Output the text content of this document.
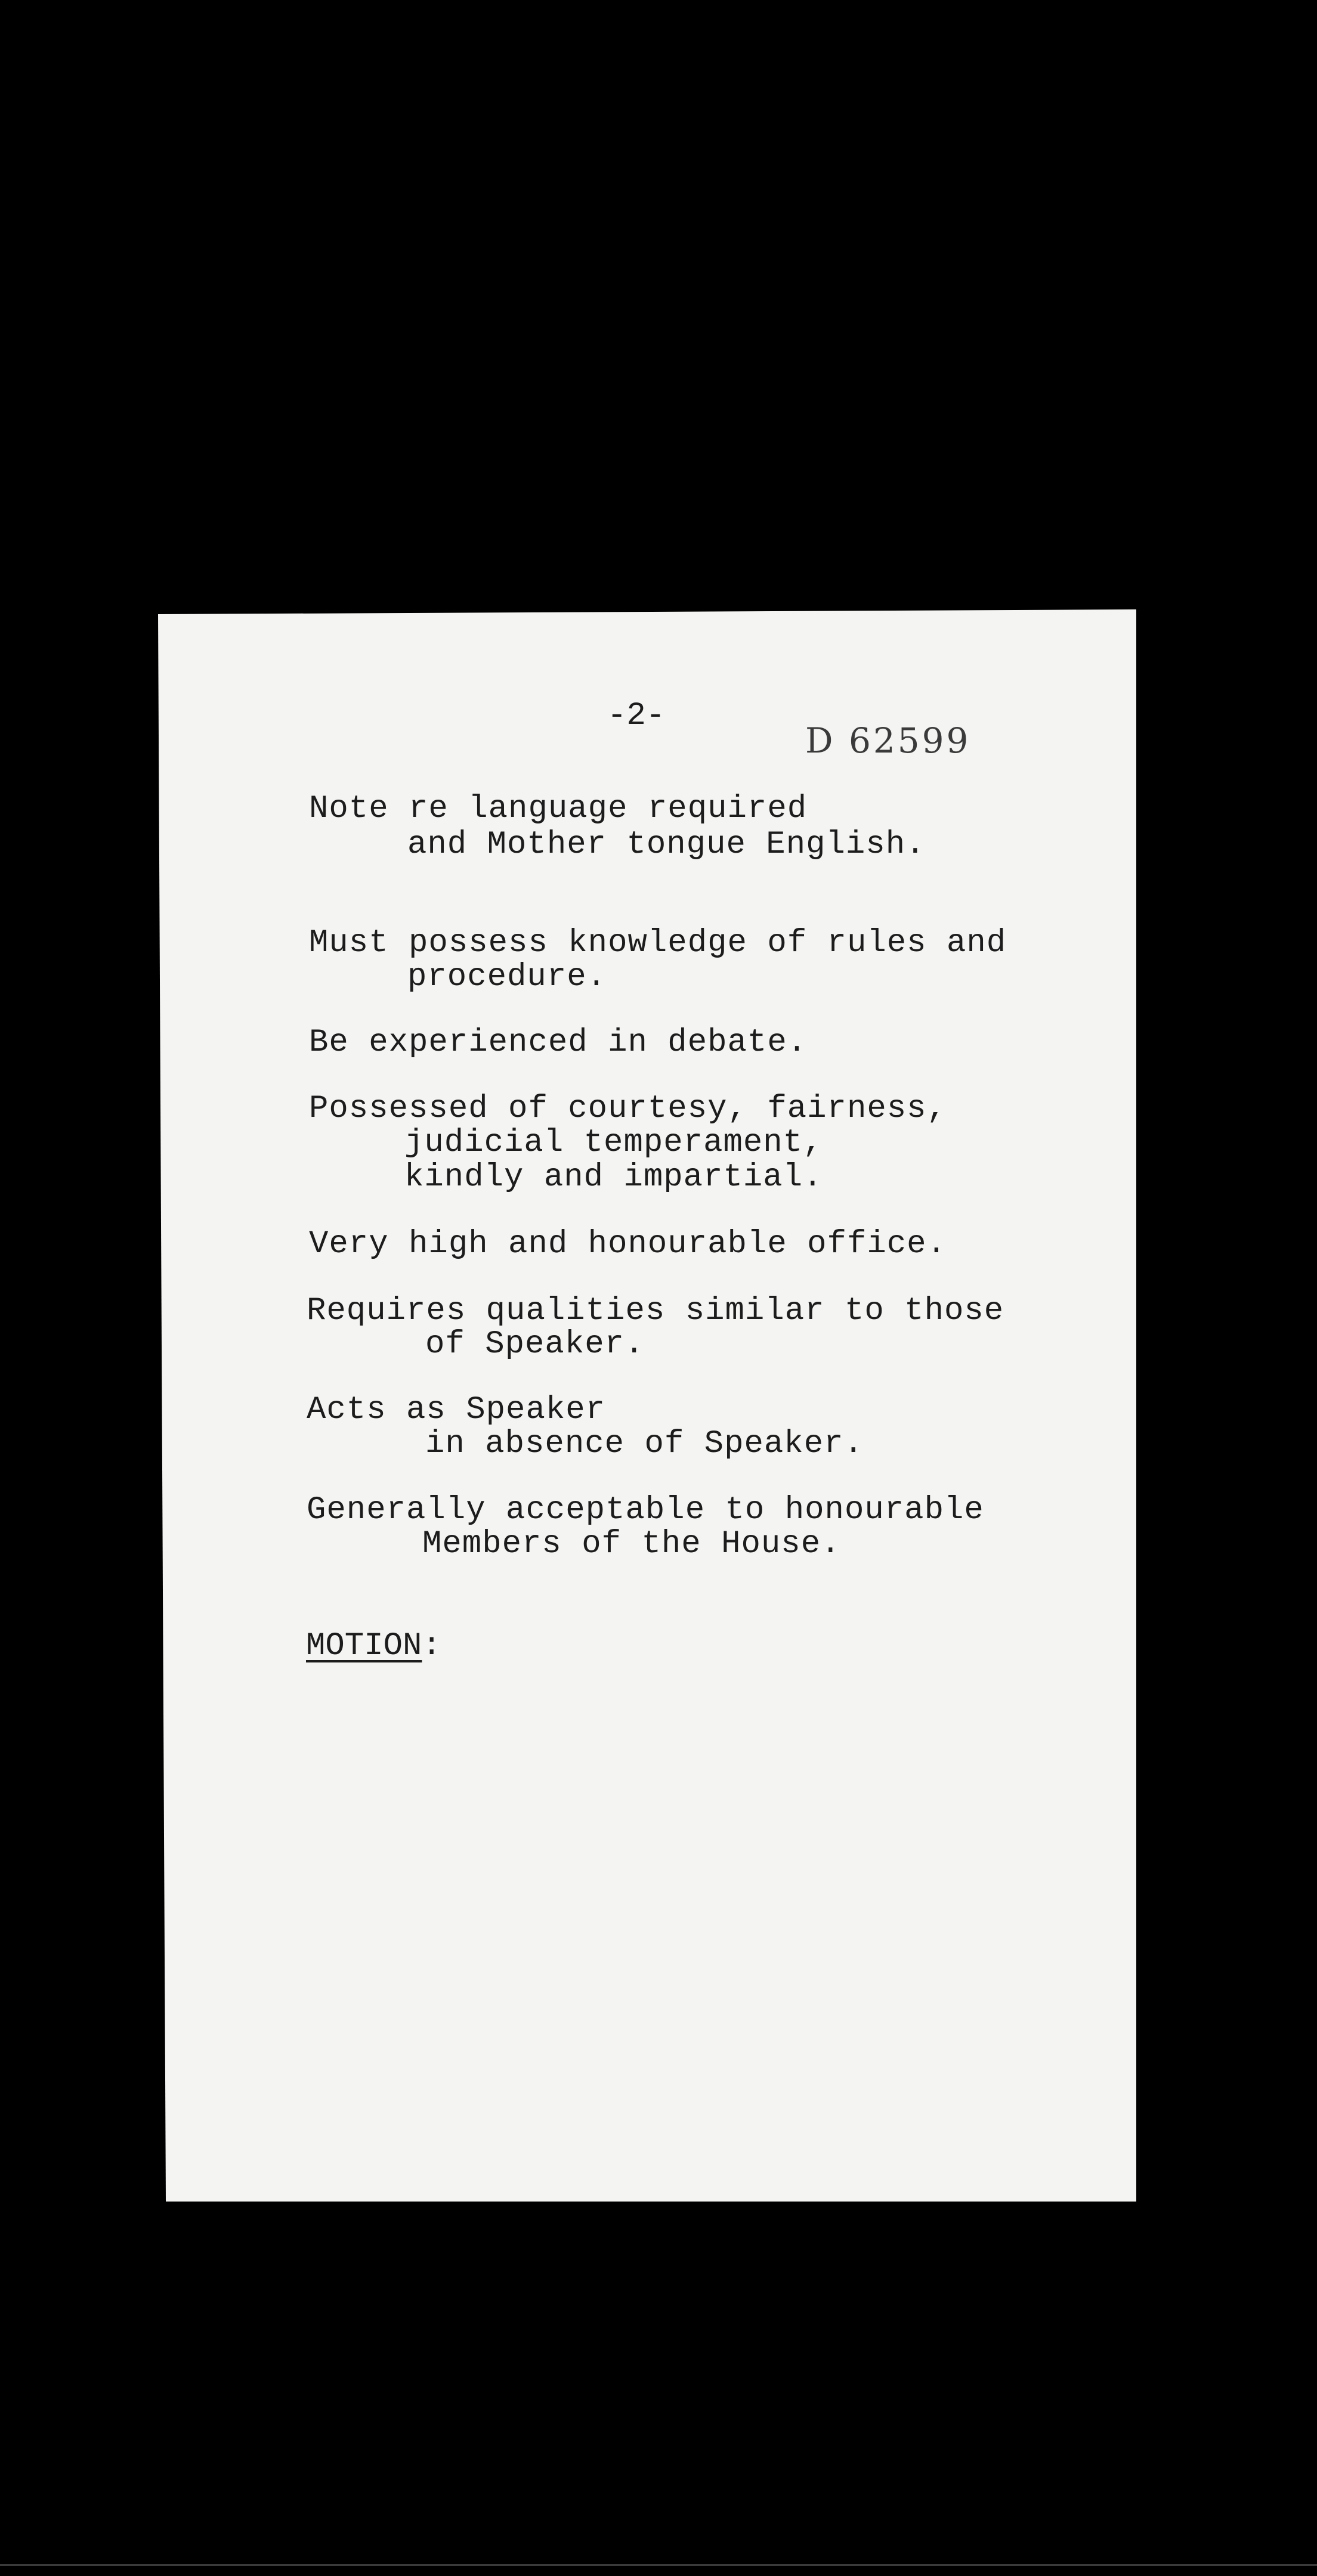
-2-
D 62599
Note re language required
and Mother tongue English.
Must possess knowledge of rules and
procedure.
Be experienced in debate.
Possessed of courtesy, fairness,
judicial temperament,
kindly and impartial.
Very high and honourable office.
Requires qualities similar to those
of Speaker.
Acts as Speaker
in absence of Speaker.
Generally acceptable to honourable
Members of the House.
MOTION:
